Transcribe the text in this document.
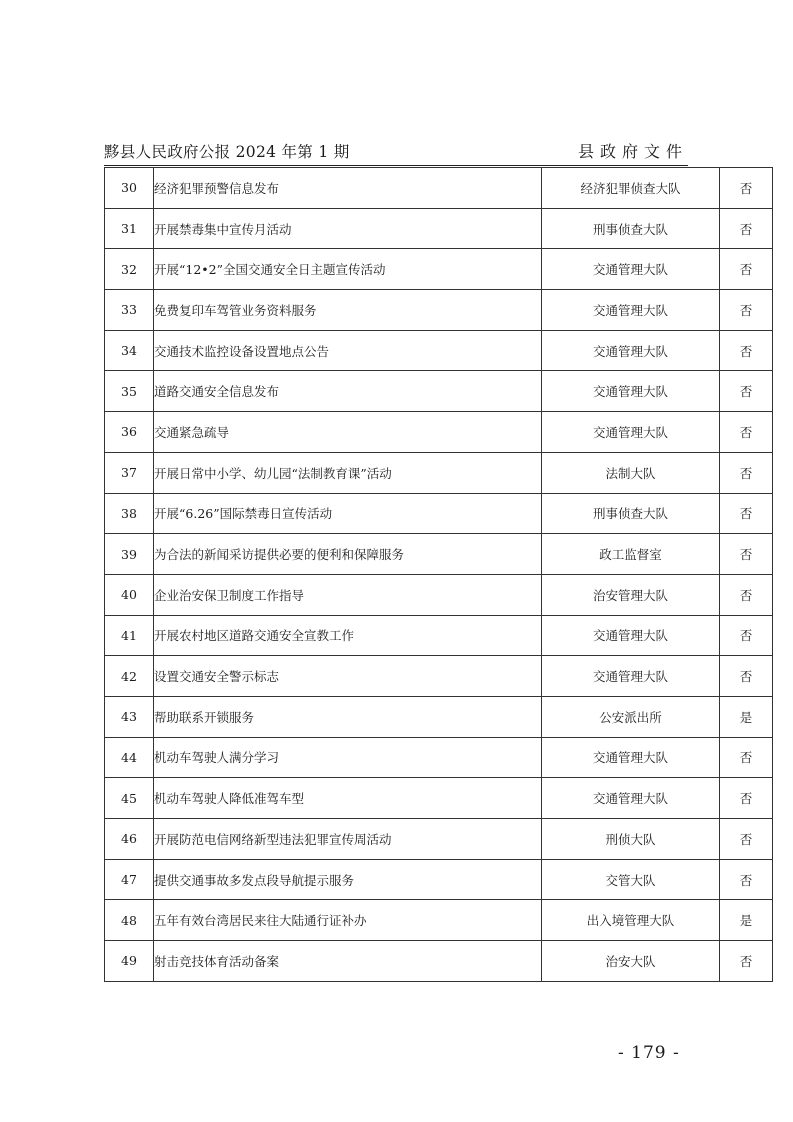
黟县人民政府公报 2024 年第 1 期	县政府文件
30	经济犯罪预警信息发布	经济犯罪侦查大队	否
31	开展禁毒集中宣传月活动	刑事侦查大队	否
32	开展“12•2”全国交通安全日主题宣传活动	交通管理大队	否
33	免费复印车驾管业务资料服务	交通管理大队	否
34	交通技术监控设备设置地点公告	交通管理大队	否
35	道路交通安全信息发布	交通管理大队	否
36	交通紧急疏导	交通管理大队	否
37	开展日常中小学、幼儿园“法制教育课”活动	法制大队	否
38	开展“6.26”国际禁毒日宣传活动	刑事侦查大队	否
39	为合法的新闻采访提供必要的便利和保障服务	政工监督室	否
40	企业治安保卫制度工作指导	治安管理大队	否
41	开展农村地区道路交通安全宣教工作	交通管理大队	否
42	设置交通安全警示标志	交通管理大队	否
43	帮助联系开锁服务	公安派出所	是
44	机动车驾驶人满分学习	交通管理大队	否
45	机动车驾驶人降低准驾车型	交通管理大队	否
46	开展防范电信网络新型违法犯罪宣传周活动	刑侦大队	否
47	提供交通事故多发点段导航提示服务	交管大队	否
48	五年有效台湾居民来往大陆通行证补办	出入境管理大队	是
49	射击竞技体育活动备案	治安大队	否
- 179 -
